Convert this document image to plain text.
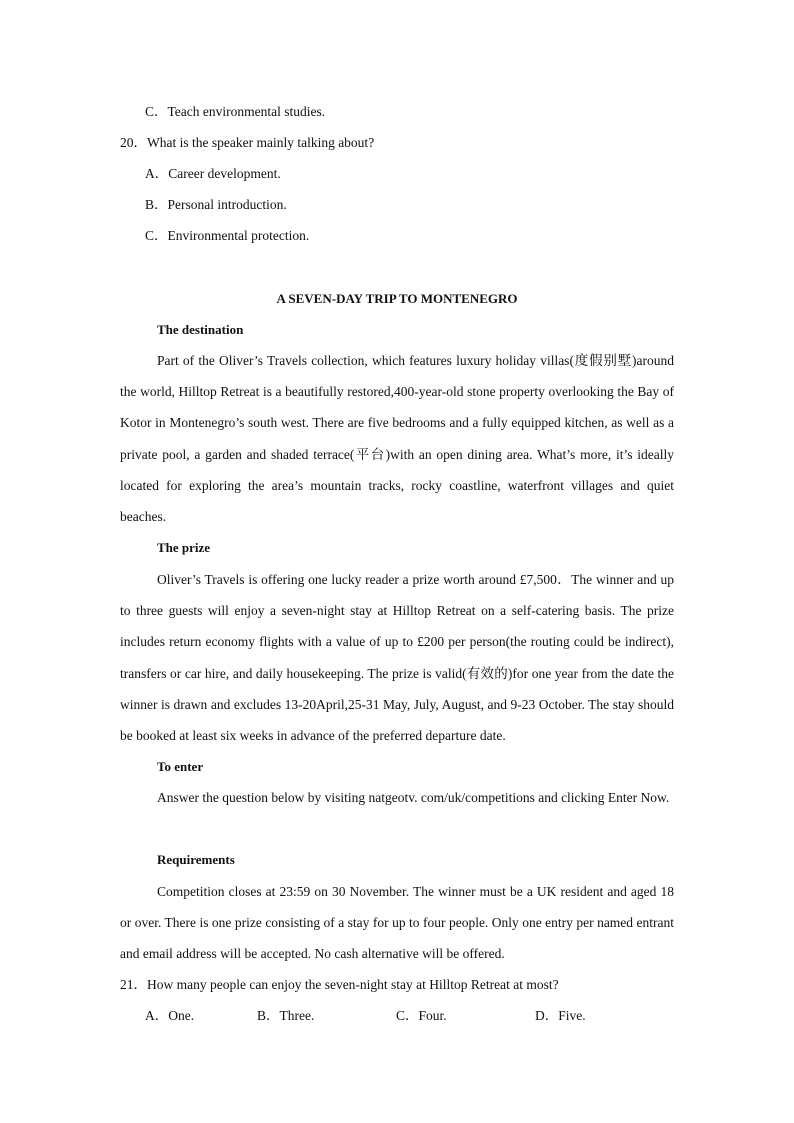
C．Teach environmental studies.
20．What is the speaker mainly talking about?
A．Career development.
B．Personal introduction.
C．Environmental protection.
A SEVEN-DAY TRIP TO MONTENEGRO
The destination
Part of the Oliver’s Travels collection, which features luxury holiday villas(度假别墅)around the world, Hilltop Retreat is a beautifully restored,400-year-old stone property overlooking the Bay of Kotor in Montenegro’s south west. There are five bedrooms and a fully equipped kitchen, as well as a private pool, a garden and shaded terrace(平台)with an open dining area. What’s more, it’s ideally located for exploring the area’s mountain tracks, rocky coastline, waterfront villages and quiet beaches.
The prize
Oliver’s Travels is offering one lucky reader a prize worth around £7,500．The winner and up to three guests will enjoy a seven-night stay at Hilltop Retreat on a self-catering basis. The prize includes return economy flights with a value of up to £200 per person(the routing could be indirect), transfers or car hire, and daily housekeeping. The prize is valid(有效的)for one year from the date the winner is drawn and excludes 13-20April,25-31 May, July, August, and 9-23 October. The stay should be booked at least six weeks in advance of the preferred departure date.
To enter
Answer the question below by visiting natgeotv. com/uk/competitions and clicking Enter Now.
Requirements
Competition closes at 23:59 on 30 November. The winner must be a UK resident and aged 18 or over. There is one prize consisting of a stay for up to four people. Only one entry per named entrant and email address will be accepted. No cash alternative will be offered.
21．How many people can enjoy the seven-night stay at Hilltop Retreat at most?
A．One.	B．Three.	C．Four.	D．Five.
